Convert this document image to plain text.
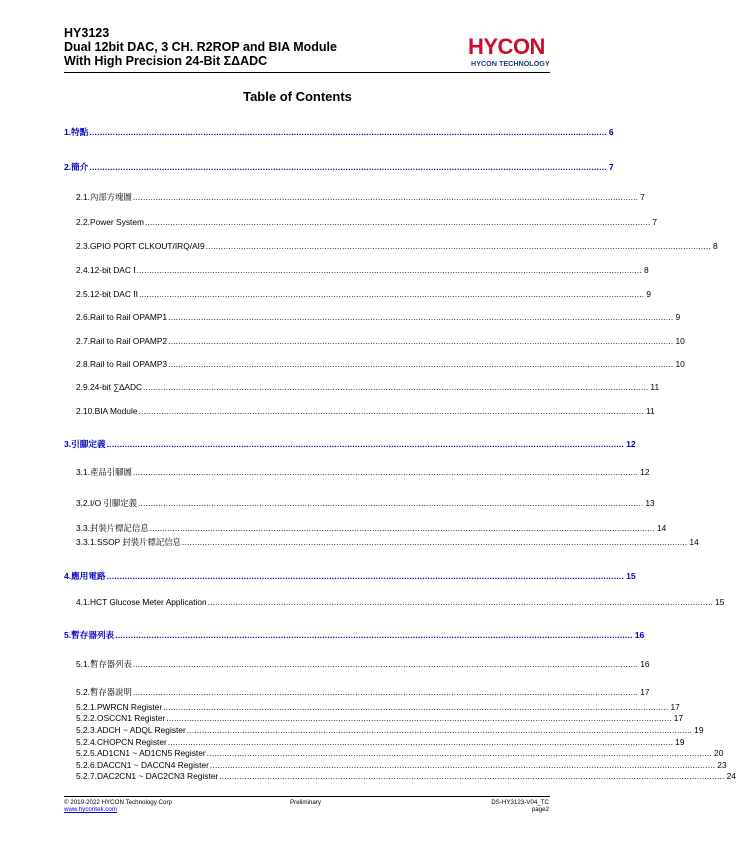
HY3123
Dual 12bit DAC, 3 CH. R2ROP and BIA Module
With High Precision 24-Bit ΣΔADC
HYCON
HYCON TECHNOLOGY
Table of Contents
1. 特點 ........................................................................................................................................................................................................ 6
2. 簡介 ........................................................................................................................................................................................................ 7
2.1. 內部方塊圖 ........................................................................................................................................................................................................ 7
2.2. Power System ........................................................................................................................................................................................................ 7
2.3. GPIO PORT CLKOUT/IRQ/AI9 ........................................................................................................................................................................................................ 8
2.4. 12-bit DAC I ........................................................................................................................................................................................................ 8
2.5. 12-bit DAC II ........................................................................................................................................................................................................ 9
2.6. Rail to Rail OPAMP1 ........................................................................................................................................................................................................ 9
2.7. Rail to Rail OPAMP2 ........................................................................................................................................................................................................ 10
2.8. Rail to Rail OPAMP3 ........................................................................................................................................................................................................ 10
2.9. 24-bit ∑∆ADC ........................................................................................................................................................................................................ 11
2.10. BIA Module ........................................................................................................................................................................................................ 11
3. 引腳定義 ........................................................................................................................................................................................................ 12
3.1. 產品引腳圖 ........................................................................................................................................................................................................ 12
3.2. I/O 引腳定義 ........................................................................................................................................................................................................ 13
3.3. 封裝片標記信息 ........................................................................................................................................................................................................ 14
3.3.1. SSOP 封裝片標記信息 ........................................................................................................................................................................................................ 14
4. 應用電路 ........................................................................................................................................................................................................ 15
4.1. HCT Glucose Meter Application ........................................................................................................................................................................................................ 15
5. 暫存器列表 ........................................................................................................................................................................................................ 16
5.1. 暫存器列表 ........................................................................................................................................................................................................ 16
5.2. 暫存器說明 ........................................................................................................................................................................................................ 17
5.2.1. PWRCN Register ........................................................................................................................................................................................................ 17
5.2.2. OSCCN1 Register ........................................................................................................................................................................................................ 17
5.2.3. ADCH ~ ADQL Register ........................................................................................................................................................................................................ 19
5.2.4. CHOPCN Register ........................................................................................................................................................................................................ 19
5.2.5. AD1CN1 ~ AD1CN5 Register ........................................................................................................................................................................................................ 20
5.2.6. DACCN1 ~ DACCN4 Register ........................................................................................................................................................................................................ 23
5.2.7. DAC2CN1 ~ DAC2CN3 Register ........................................................................................................................................................................................................ 24
© 2019-2022 HYCON Technology Corp
www.hycontek.com
Preliminary	DS-HY3123-V04_TC
page2
